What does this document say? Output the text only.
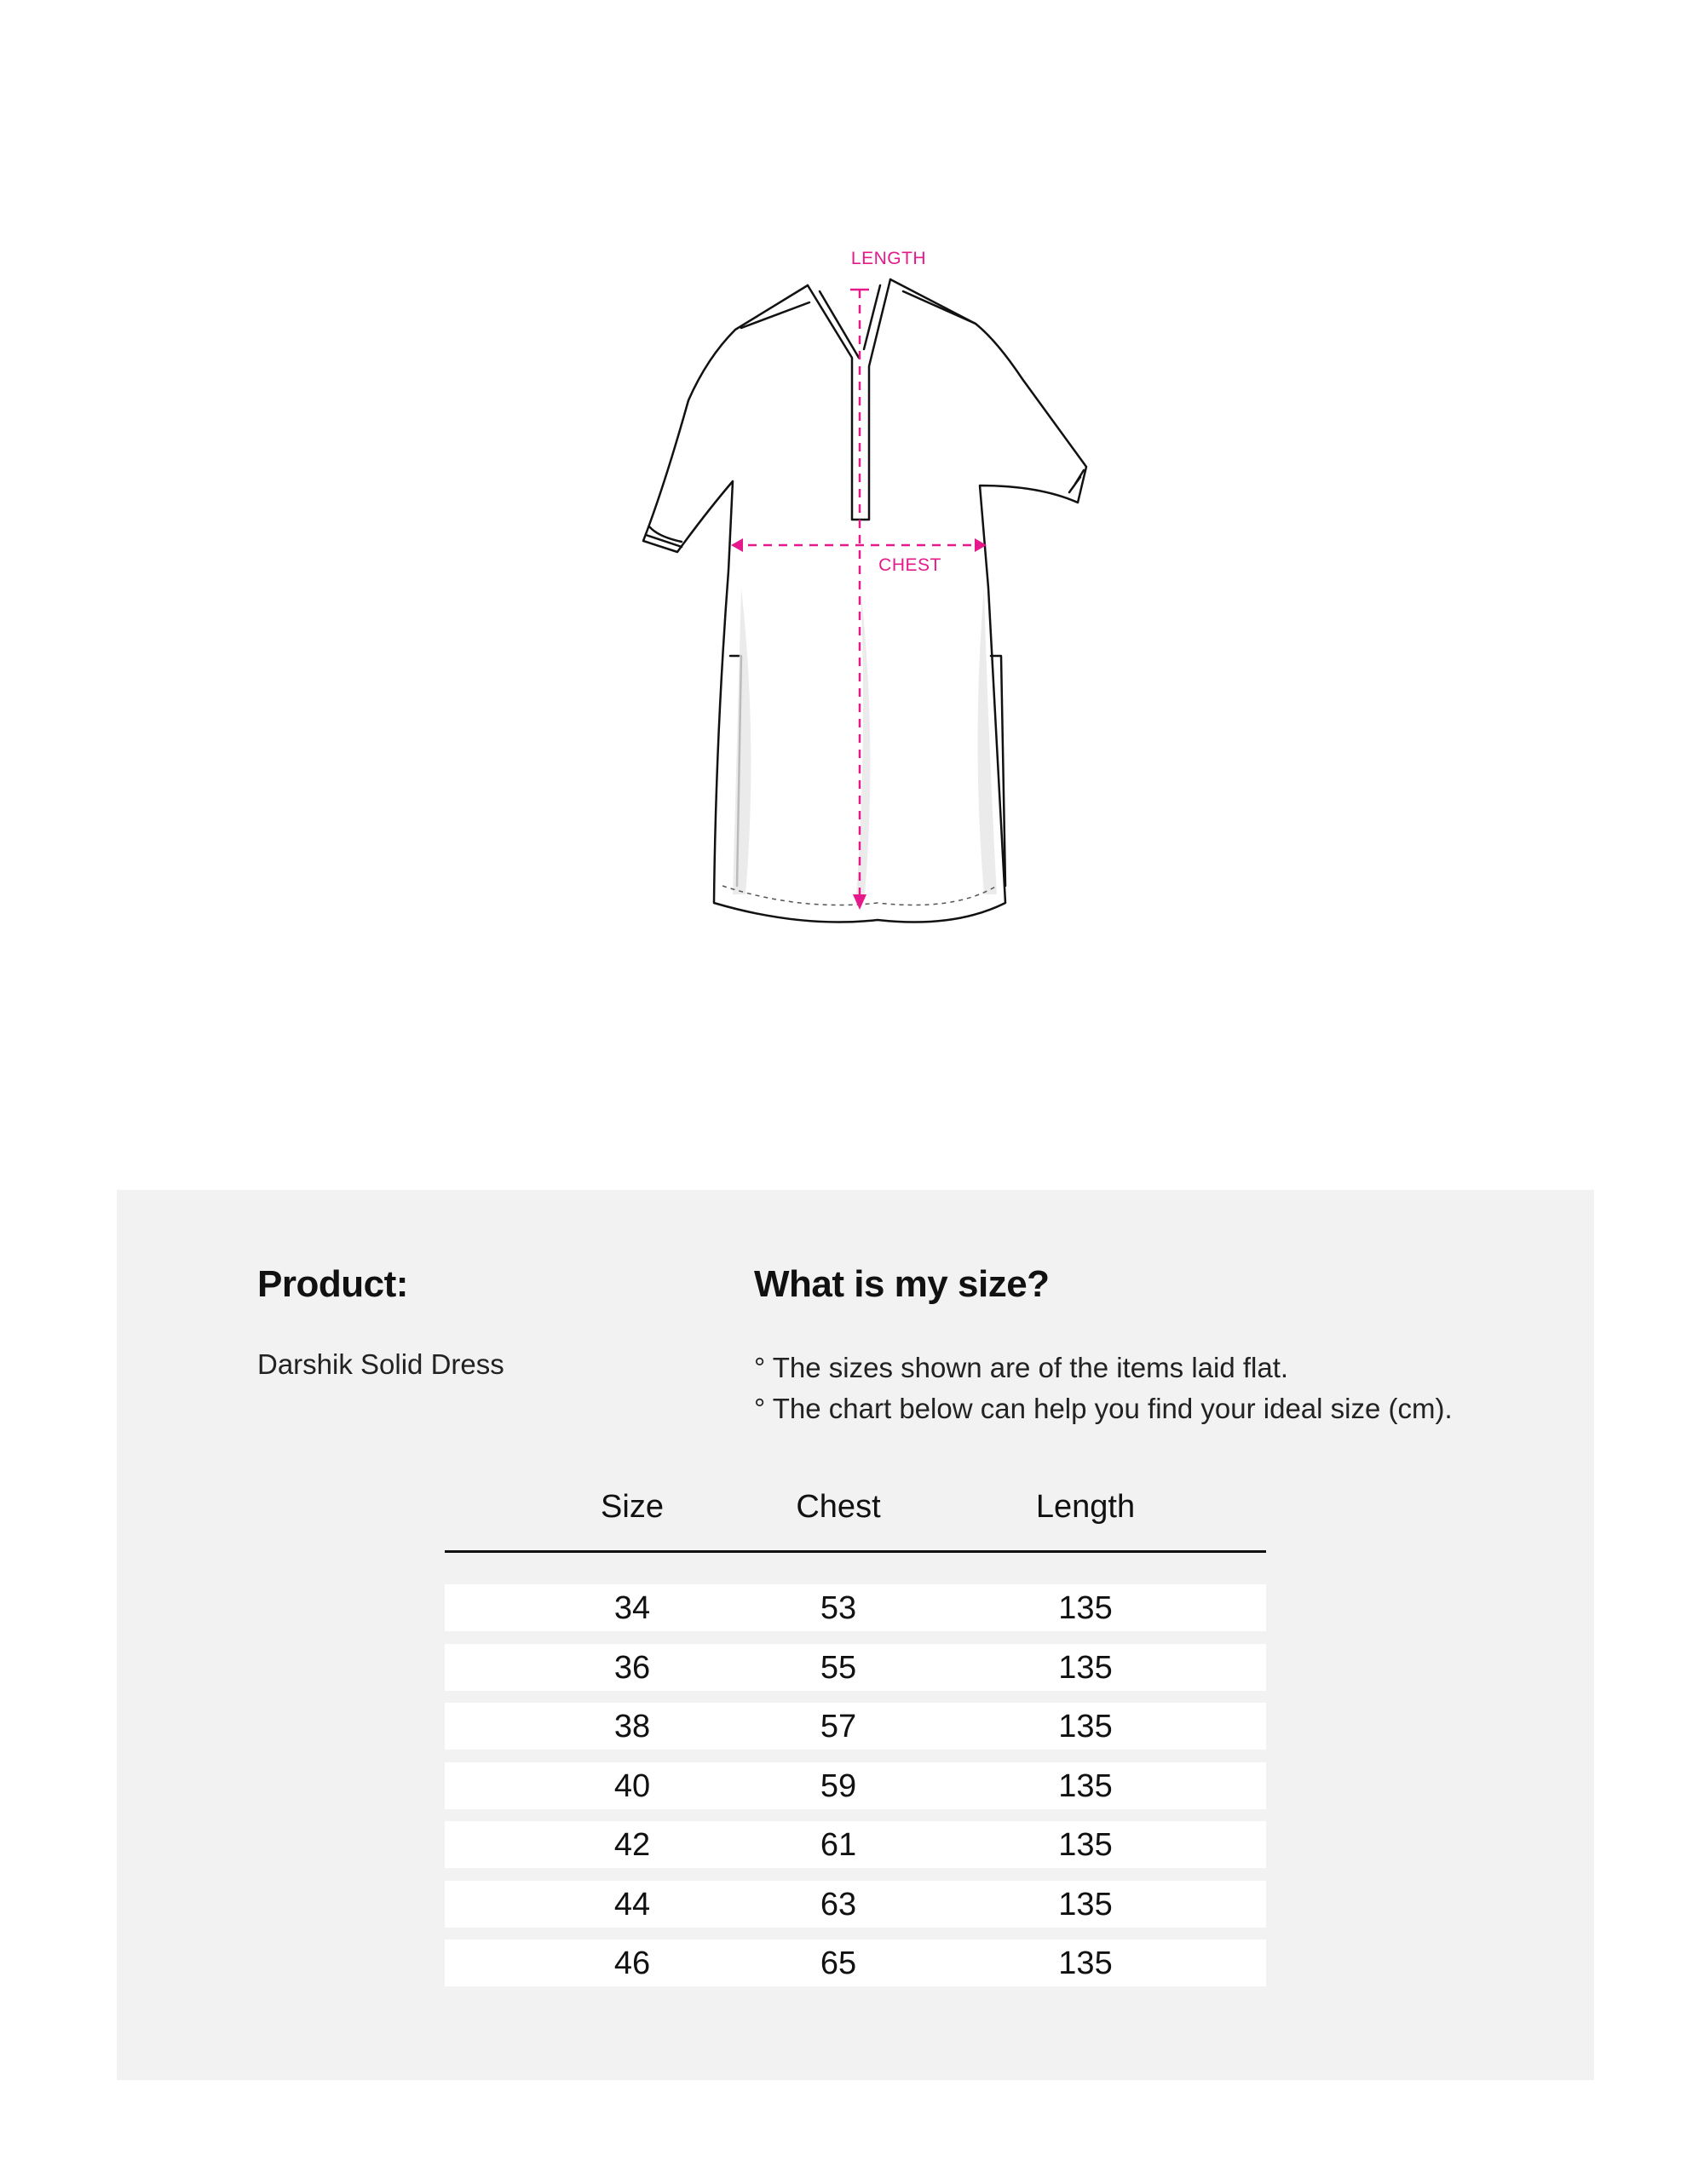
LENGTH
CHEST
Product:
Darshik Solid Dress
What is my size?
° The sizes shown are of the items laid flat.
° The chart below can help you find your ideal size (cm).
Size	Chest	Length
34	53	135
36	55	135
38	57	135
40	59	135
42	61	135
44	63	135
46	65	135
